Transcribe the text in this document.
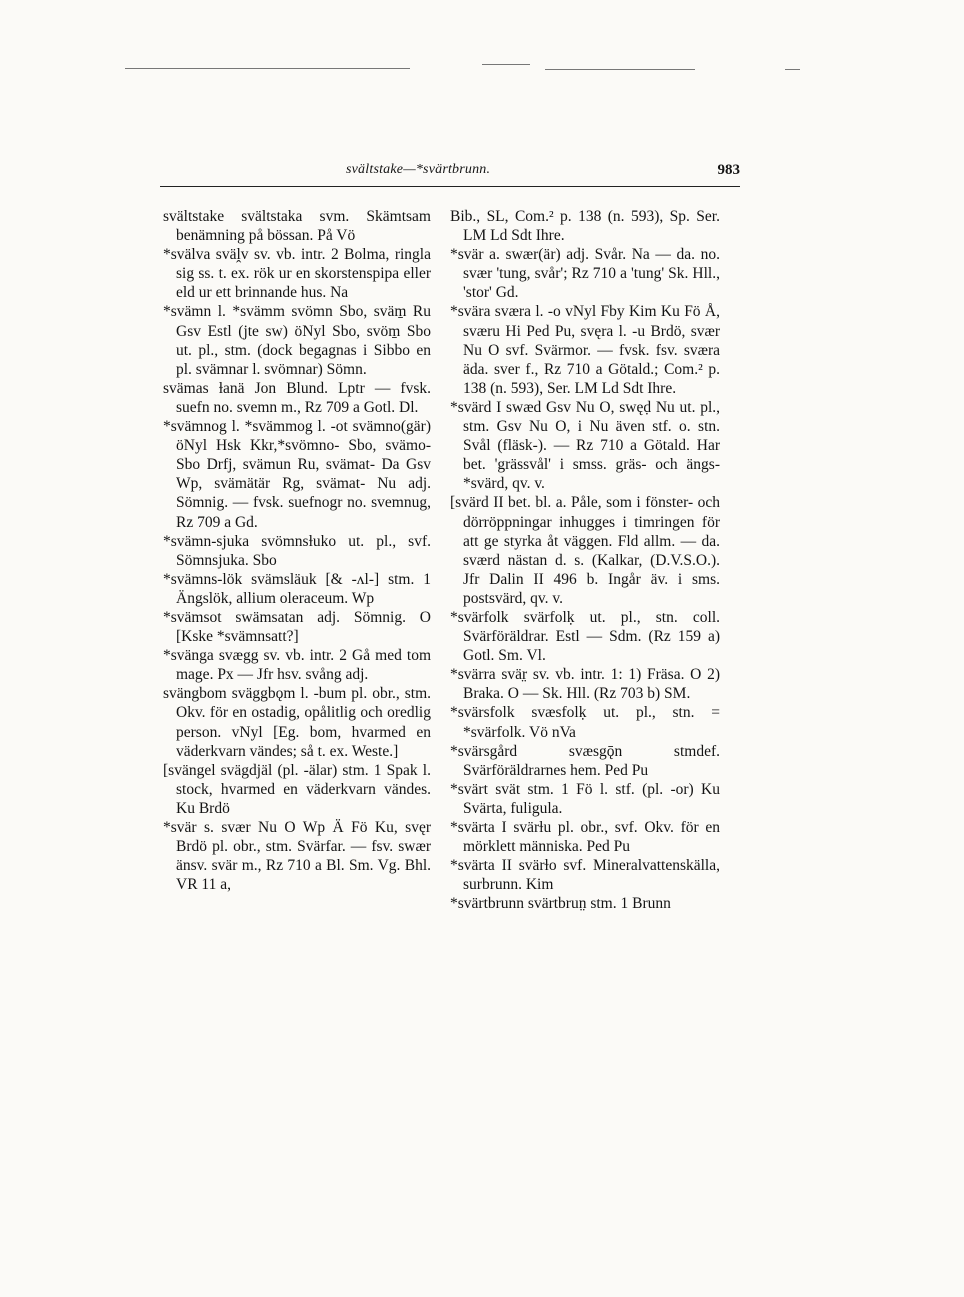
svältstake—*svärtbrunn.	983

svältstake svältstaka svm. Skämtsam benämning på bössan. På Vö

*svälva sväḽv sv. vb. intr. 2 Bolma, ringla sig ss. t. ex. rök ur en skorstenspipa eller eld ur ett brinnande hus. Na

*svämn l. *svämm svömn Sbo, sväm̱ Ru Gsv Estl (jte sw) öNyl Sbo, svöm̱ Sbo ut. pl., stm. (dock begagnas i Sibbo en pl. svämnar l. svömnar) Sömn.

svämas ɫanä Jon Blund. Lptr — fvsk. suefn no. svemn m., Rz 709 a Gotl. Dl.

*svämnog l. *svämmog l. -ot svämno(gär) öNyl Hsk Kkr,*svömno- Sbo, svämo- Sbo Drfj, svämun Ru, svämat- Da Gsv Wp, svämätär Rg, svämat- Nu adj. Sömnig. — fvsk. suefnogr no. svemnug, Rz 709 a Gd.

*svämn-sjuka svömnsɫuko ut. pl., svf. Sömnsjuka. Sbo

*svämns-lök svämsläuk [& -ʌl-] stm. 1 Ängslök, allium oleraceum. Wp

*svämsot swämsatan adj. Sömnig. O [Kske *svämnsatt?]

*svänga svægg sv. vb. intr. 2 Gå med tom mage. Px — Jfr hsv. svång adj.

svängbom sväggbǫm l. -bum pl. obr., stm. Okv. för en ostadig, opålitlig och oredlig person. vNyl [Eg. bom, hvarmed en väderkvarn vändes; så t. ex. Weste.]

[svängel svägdjäl (pl. -älar) stm. 1 Spak l. stock, hvarmed en väderkvarn vändes. Ku Brdö

*svär s. svær Nu O Wp Ä Fö Ku, svęr Brdö pl. obr., stm. Svärfar. — fsv. swær änsv. svär m., Rz 710 a Bl. Sm. Vg. Bhl. VR 11 a,

Bib., SL, Com.² p. 138 (n. 593), Sp. Ser. LM Ld Sdt Ihre.

*svär a. swær(är) adj. Svår. Na — da. no. svær 'tung, svår'; Rz 710 a 'tung' Sk. Hll., 'stor' Gd.

*svära sværa l. -o vNyl Fby Kim Ku Fö Å, sværu Hi Ped Pu, svęra l. -u Brdö, svær Nu O svf. Svärmor. — fvsk. fsv. sværa äda. sver f., Rz 710 a Götald.; Com.² p. 138 (n. 593), Ser. LM Ld Sdt Ihre.

*svärd I swæd Gsv Nu O, swęḍ Nu ut. pl., stm. Gsv Nu O, i Nu även stf. o. stn. Svål (fläsk-). — Rz 710 a Götald. Har bet. 'grässvål' i smss. gräs- och ängs-*svärd, qv. v.

[svärd II bet. bl. a. Påle, som i fönster- och dörröppningar inhugges i timringen för att ge styrka åt väggen. Fld allm. — da. sværd nästan d. s. (Kalkar, (D.V.S.O.). Jfr Dalin II 496 b. Ingår äv. i sms. postsvärd, qv. v.

*svärfolk svärfolḳ ut. pl., stn. coll. Svärföräldrar. Estl — Sdm. (Rz 159 a) Gotl. Sm. Vl.

*svärra svär̤ sv. vb. intr. 1: 1) Fräsa. O 2) Braka. O — Sk. Hll. (Rz 703 b) SM.

*svärsfolk svæsfolḳ ut. pl., stn. = *svärfolk. Vö nVa

*svärsgård svæsgǭn stmdef. Svärföräldrarnes hem. Ped Pu

*svärt svät stm. 1 Fö l. stf. (pl. -or) Ku Svärta, fuligula.

*svärta I svärɫu pl. obr., svf. Okv. för en mörklett människa. Ped Pu

*svärta II svärɫo svf. Mineralvattenskälla, surbrunn. Kim

*svärtbrunn svärtbrun̤ stm. 1 Brunn
